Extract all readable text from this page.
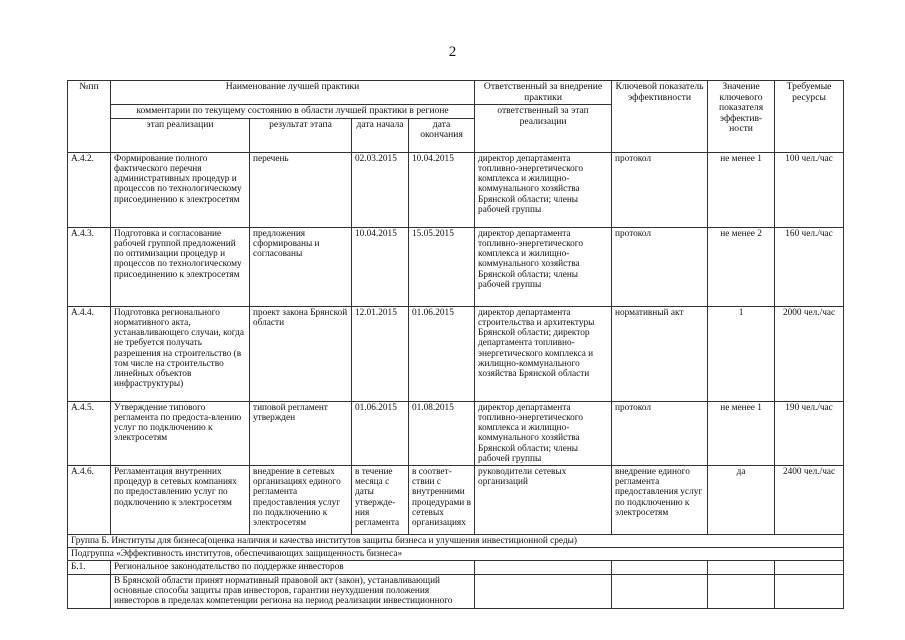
2
№пп	Наименование лучшей практики				Ответственный за внедрение практики	Ключевой показатель эффективности	Значение ключевого показателя эффектив-ности	Требуемые ресурсы
	комментарии по текущему состоянию в области лучшей практики в регионе				ответственный за этап реализации			
	этап реализации	результат этапа	дата начала	дата окончания				
А.4.2.	Формирование полного фактического перечня административных процедур и процессов по технологическому присоединению к электросетям	перечень	02.03.2015	10.04.2015	директор департамента топливно-энергетического комплекса и жилищно-коммунального хозяйства Брянской области; члены рабочей группы	протокол	не менее 1	100 чел./час
А.4.3.	Подготовка и согласование рабочей группой предложений по оптимизации процедур и процессов по технологическому присоединению к электросетям	предложения сформированы и согласованы	10.04.2015	15.05.2015	директор департамента топливно-энергетического комплекса и жилищно-коммунального хозяйства Брянской области; члены рабочей группы	протокол	не менее 2	160 чел./час
А.4.4.	Подготовка регионального нормативного акта, устанавливающего случаи, когда не требуется получать разрешения на строительство (в том числе на строительство линейных объектов инфраструктуры)	проект закона Брянской области	12.01.2015	01.06.2015	директор департамента строительства и архитектуры Брянской области; директор департамента топливно-энергетического комплекса и жилищно-коммунального хозяйства Брянской области	нормативный акт	1	2000 чел./час
А.4.5.	Утверждение типового регламента по предоста-влению услуг по подключению к электросетям	типовой регламент утвержден	01.06.2015	01.08.2015	директор департамента топливно-энергетического комплекса и жилищно-коммунального хозяйства Брянской области; члены рабочей группы	протокол	не менее 1	190 чел./час
А.4.6.	Регламентация внутренних процедур в сетевых компаниях по предоставлению услуг по подключению к электросетям	внедрение в сетевых организациях единого регламента предоставления услуг по подключению к электросетям	в течение месяца с даты утвержде-ния регламента	в соответ-ствии с внутренними процедурами в сетевых организациях	руководители сетевых организаций	внедрение единого регламента предоставления услуг по подключению к электросетям	да	2400 чел./час
Группа Б. Институты для бизнеса(оценка наличия и качества институтов защиты бизнеса и улучшения инвестиционной среды)								
Подгруппа «Эффективность институтов, обеспечивающих защищенность бизнеса»								
Б.1.	Региональное законодательство по поддержке инвесторов							
	В Брянской области принят нормативный правовой акт (закон), устанавливающий основные способы защиты прав инвесторов, гарантии неухудшения положения инвесторов в пределах компетенции региона на период реализации инвестиционного							
